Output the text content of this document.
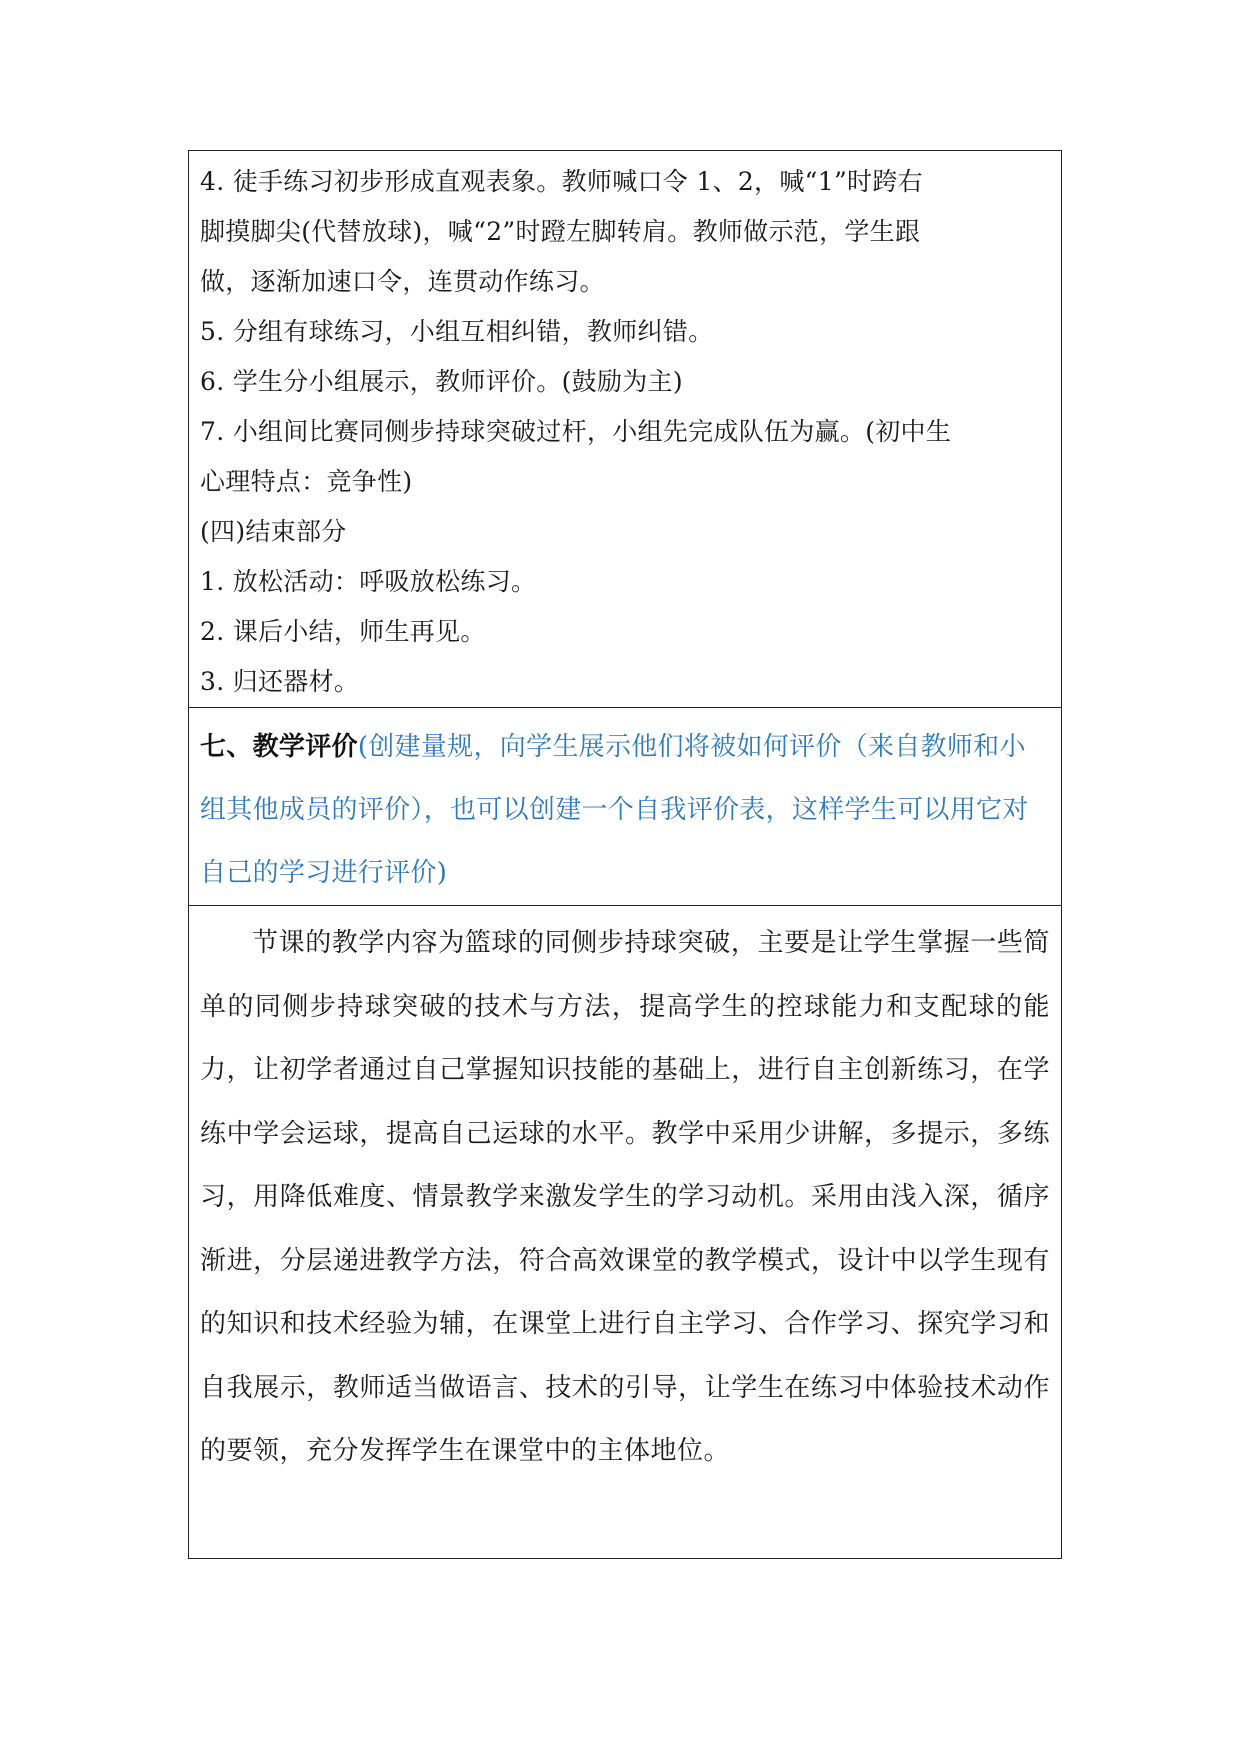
4. 徒手练习初步形成直观表象。教师喊口令 1、2，喊“1”时跨右
脚摸脚尖(代替放球)，喊“2”时蹬左脚转肩。教师做示范，学生跟
做，逐渐加速口令，连贯动作练习。
5. 分组有球练习，小组互相纠错，教师纠错。
6. 学生分小组展示，教师评价。(鼓励为主)
7. 小组间比赛同侧步持球突破过杆，小组先完成队伍为赢。(初中生
心理特点：竞争性)
(四)结束部分
1. 放松活动：呼吸放松练习。
2. 课后小结，师生再见。
3. 归还器材。

七、教学评价(创建量规，向学生展示他们将被如何评价（来自教师和小组其他成员的评价），也可以创建一个自我评价表，这样学生可以用它对自己的学习进行评价)

节课的教学内容为篮球的同侧步持球突破，主要是让学生掌握一些简单的同侧步持球突破的技术与方法，提高学生的控球能力和支配球的能力，让初学者通过自己掌握知识技能的基础上，进行自主创新练习，在学练中学会运球，提高自己运球的水平。教学中采用少讲解，多提示，多练习，用降低难度、情景教学来激发学生的学习动机。采用由浅入深，循序渐进，分层递进教学方法，符合高效课堂的教学模式，设计中以学生现有的知识和技术经验为辅，在课堂上进行自主学习、合作学习、探究学习和自我展示，教师适当做语言、技术的引导，让学生在练习中体验技术动作的要领，充分发挥学生在课堂中的主体地位。
